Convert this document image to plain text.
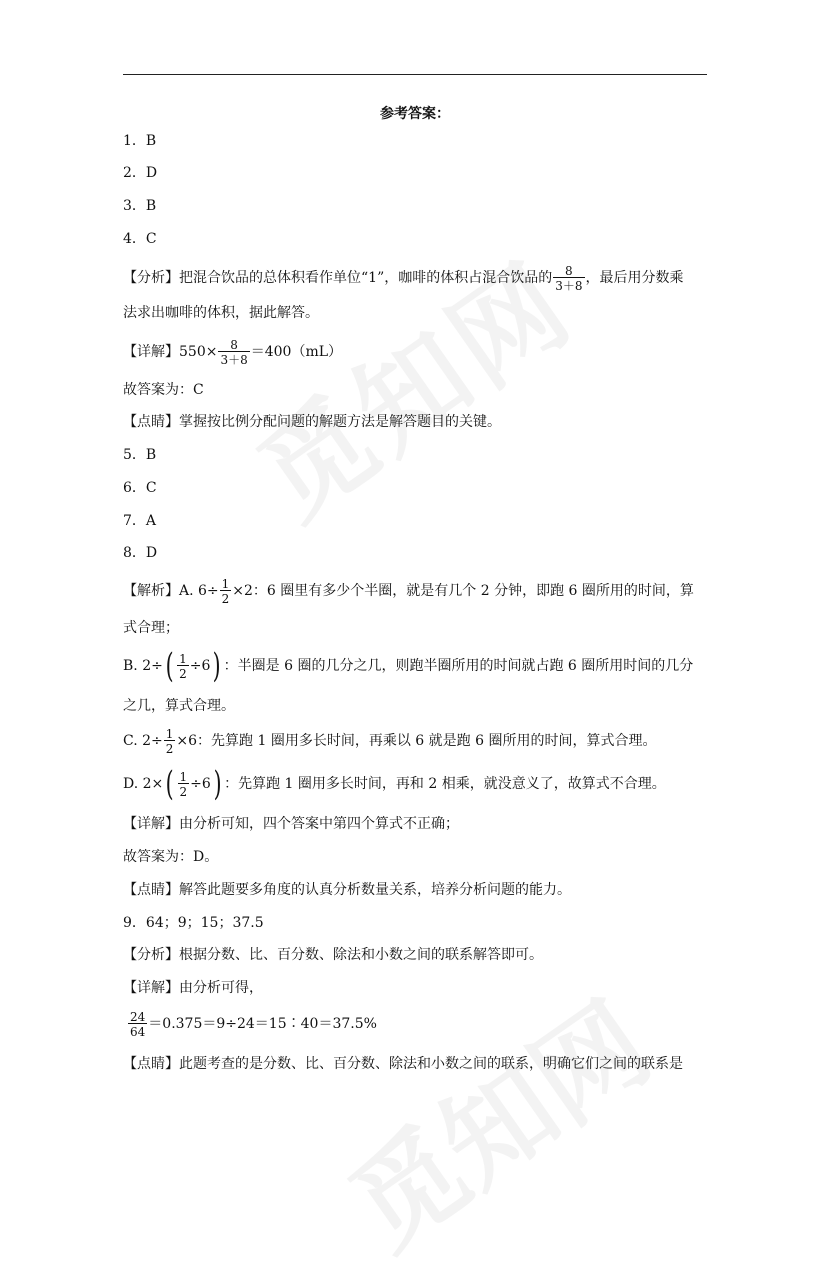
参考答案：
1．B
2．D
3．B
4．C
【分析】把混合饮品的总体积看作单位“1”，咖啡的体积占混合饮品的 $\frac{8}{3+8}$ ，最后用分数乘
法求出咖啡的体积，据此解答。
【详解】$550\times \frac{8}{3+8} =400(mL)$
故答案为：C
【点睛】掌握按比例分配问题的解题方法是解答题目的关键。
5．B
6．C
7．A
8．D
【解析】A. $6\div \frac{1}{2} \times 2$：6 圈里有多少个半圈，就是有几个 2 分钟，即跑 6 圈所用的时间，算
式合理；
B. $2\div( \frac{1}{2} \div 6)$ ：半圈是 6 圈的几分之几，则跑半圈所用的时间就占跑 6 圈所用时间的几分
之几，算式合理。
C. $2\div \frac{1}{2} \times 6$：先算跑 1 圈用多长时间，再乘以 6 就是跑 6 圈所用的时间，算式合理。
D. $2\times( \frac{1}{2} \div 6)$ ：先算跑 1 圈用多长时间，再和 2 相乘，就没意义了，故算式不合理。
【详解】由分析可知，四个答案中第四个算式不正确；
故答案为：D。
【点睛】解答此题要多角度的认真分析数量关系，培养分析问题的能力。
9．64；9；15；37.5
【分析】根据分数、比、百分数、除法和小数之间的联系解答即可。
【详解】由分析可得，
$\frac{24}{64}$ ＝0.375＝9÷24＝15∶40＝37.5%
【点睛】此题考查的是分数、比、百分数、除法和小数之间的联系，明确它们之间的联系是
